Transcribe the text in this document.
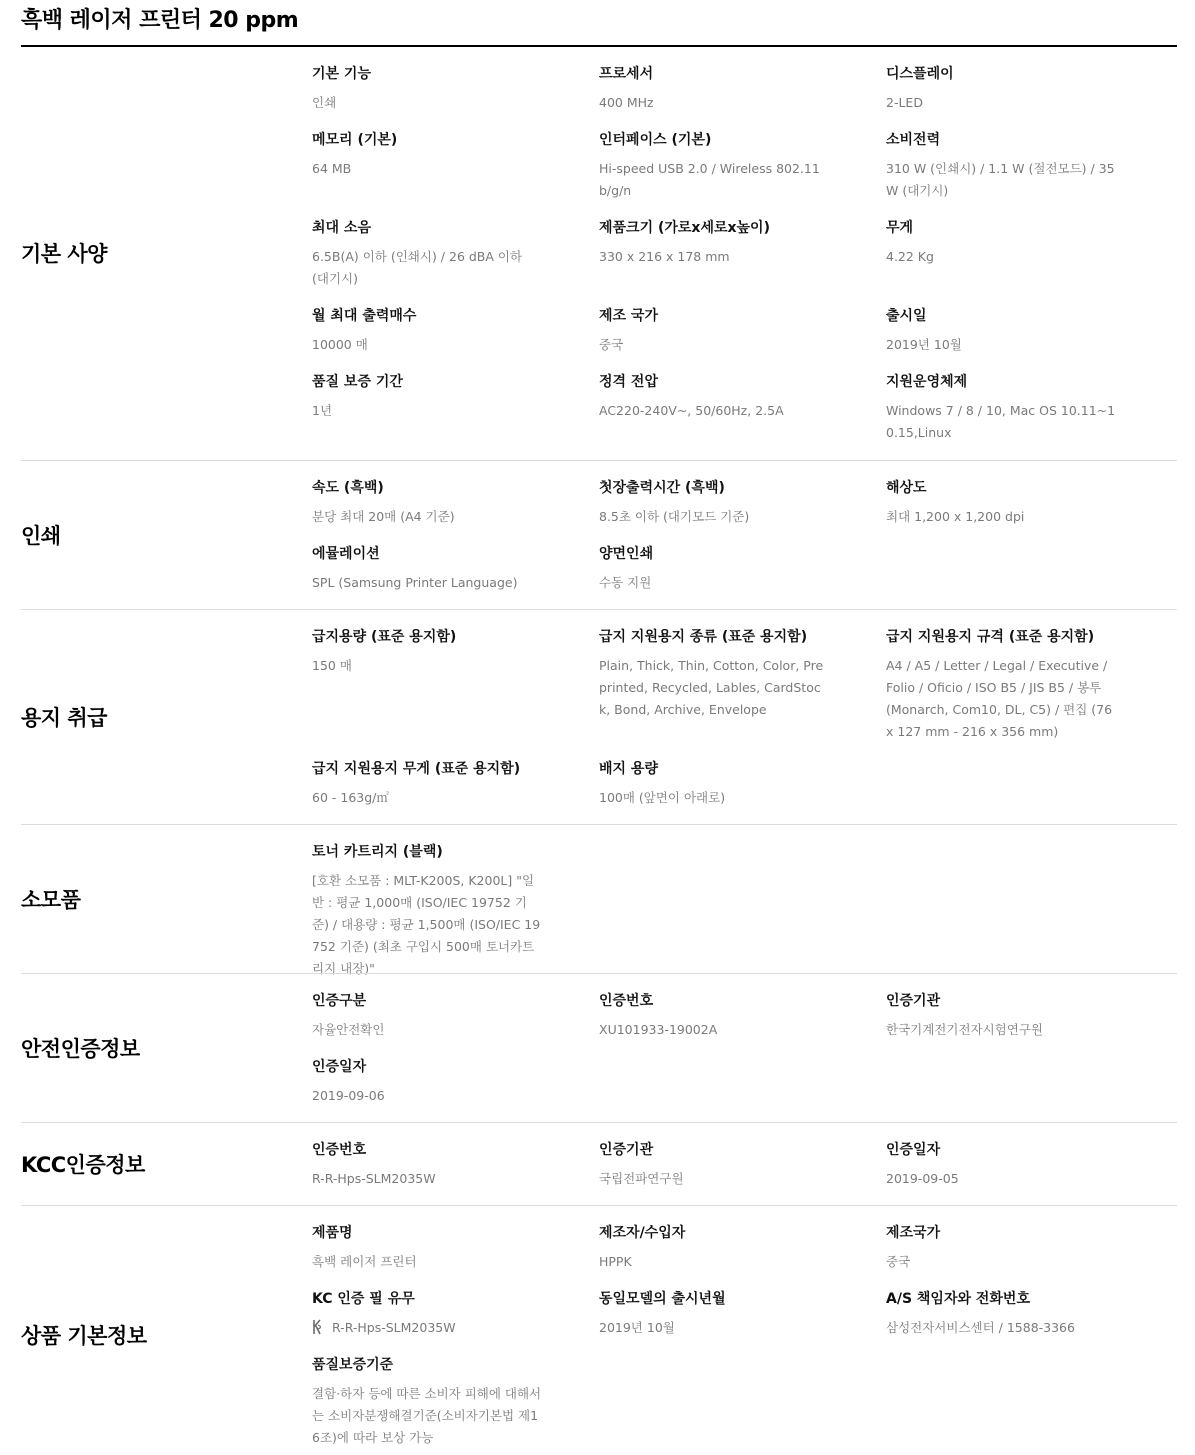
흑백 레이저 프린터 20 ppm
기본 사양
기본 기능
인쇄
프로세서
400 MHz
디스플레이
2-LED
메모리 (기본)
64 MB
인터페이스 (기본)
Hi-speed USB 2.0 / Wireless 802.11 b/g/n
소비전력
310 W (인쇄시) / 1.1 W (절전모드) / 35 W (대기시)
최대 소음
6.5B(A) 이하 (인쇄시) / 26 dBA 이하 (대기시)
제품크기 (가로x세로x높이)
330 x 216 x 178 mm
무게
4.22 Kg
월 최대 출력매수
10000 매
제조 국가
중국
출시일
2019년 10월
품질 보증 기간
1년
정격 전압
AC220-240V~, 50/60Hz, 2.5A
지원운영체제
Windows 7 / 8 / 10, Mac OS 10.11~10.15,Linux
인쇄
속도 (흑백)
분당 최대 20매 (A4 기준)
첫장출력시간 (흑백)
8.5초 이하 (대기모드 기준)
해상도
최대 1,200 x 1,200 dpi
에뮬레이션
SPL (Samsung Printer Language)
양면인쇄
수동 지원
용지 취급
급지용량 (표준 용지함)
150 매
급지 지원용지 종류 (표준 용지함)
Plain, Thick, Thin, Cotton, Color, Preprinted, Recycled, Lables, CardStock, Bond, Archive, Envelope
급지 지원용지 규격 (표준 용지함)
A4 / A5 / Letter / Legal / Executive / Folio / Oficio / ISO B5 / JIS B5 / 봉투 (Monarch, Com10, DL, C5) / 편집 (76 x 127 mm - 216 x 356 mm)
급지 지원용지 무게 (표준 용지함)
60 - 163g/㎡
배지 용량
100매 (앞면이 아래로)
소모품
토너 카트리지 (블랙)
[호환 소모품 : MLT-K200S, K200L] "일반 : 평균 1,000매 (ISO/IEC 19752 기준) / 대용량 : 평균 1,500매 (ISO/IEC 19752 기준) (최초 구입시 500매 토너카트리지 내장)"
안전인증정보
인증구분
자율안전확인
인증번호
XU101933-19002A
인증기관
한국기계전기전자시험연구원
인증일자
2019-09-06
KCC인증정보
인증번호
R-R-Hps-SLM2035W
인증기관
국립전파연구원
인증일자
2019-09-05
상품 기본정보
제품명
흑백 레이저 프린터
제조자/수입자
HPPK
제조국가
중국
KC 인증 필 유무
R-R-Hps-SLM2035W
동일모델의 출시년월
2019년 10월
A/S 책임자와 전화번호
삼성전자서비스센터 / 1588-3366
품질보증기준
결함·하자 등에 따른 소비자 피해에 대해서는 소비자분쟁해결기준(소비자기본법 제16조)에 따라 보상 가능
